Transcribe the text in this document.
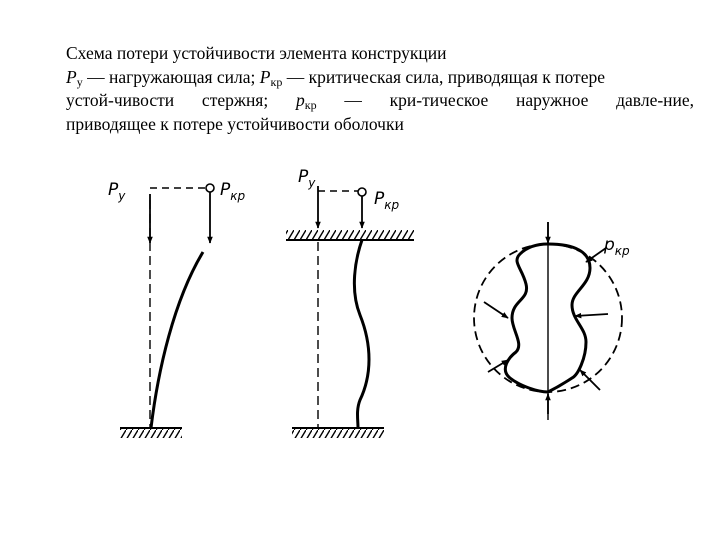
Схема потери устойчивости элемента конструкции
$P_y$ — нагружающая сила; $P_{кр}$ — критическая сила, приводящая к потере
устой-чивости стержня; $p_{кр}$ — кри-тическое наружное давле-ние,
приводящее к потере устойчивости оболочки
$P_y$	$P_{кр}$
$P_y$
$P_{кр}$
$p_{кр}$
